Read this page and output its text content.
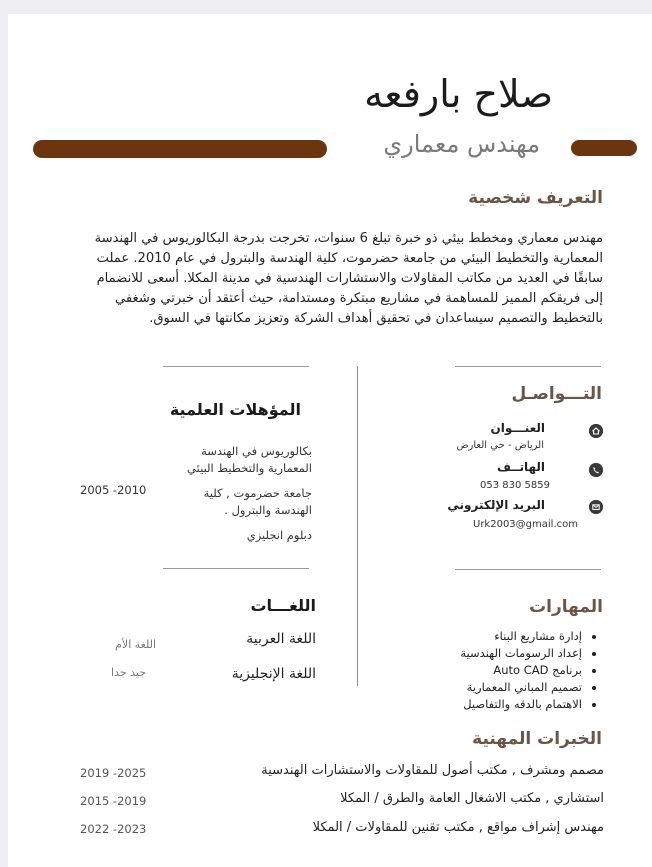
صلاح بارفعه
مهندس معماري
التعريف شخصية
مهندس معماري ومخطط بيئي ذو خبرة تبلغ 6 سنوات، تخرجت بدرجة البكالوريوس في الهندسة المعمارية والتخطيط البيئي من جامعة حضرموت، كلية الهندسة والبترول في عام 2010. عملت سابقًا في العديد من مكاتب المقاولات والاستشارات الهندسية في مدينة المكلا. أسعى للانضمام إلى فريقكم المميز للمساهمة في مشاريع مبتكرة ومستدامة، حيث أعتقد أن خبرتي وشغفي بالتخطيط والتصميم سيساعدان في تحقيق أهداف الشركة وتعزيز مكانتها في السوق.
التـــواصـل
العنـــوان
الرياض - حي العارض
الهاتــف
053 830 5859
البريد الإلكتروني
Urk2003@gmail.com
المؤهلات العلمية
بكالوريوس في الهندسة المعمارية والتخطيط البيئي
جامعة حضرموت , كلية الهندسة والبترول .
2005 -2010
دبلوم انجليزي
اللغـــات
اللغة العربية
اللغة الأم
اللغة الإنجليزية
جيد جدا
المهارات
• إدارة مشاريع البناء
• إعداد الرسومات الهندسية
• برنامج Auto CAD
• تصميم المباني المعمارية
• الاهتمام بالدقه والتفاصيل
الخبرات المهنية
مصمم ومشرف , مكتب أصول للمقاولات والاستشارات الهندسية
2019 -2025
استشاري , مكتب الاشغال العامة والطرق / المكلا
2015 -2019
مهندس إشراف مواقع , مكتب تقنين للمقاولات / المكلا
2022 -2023
